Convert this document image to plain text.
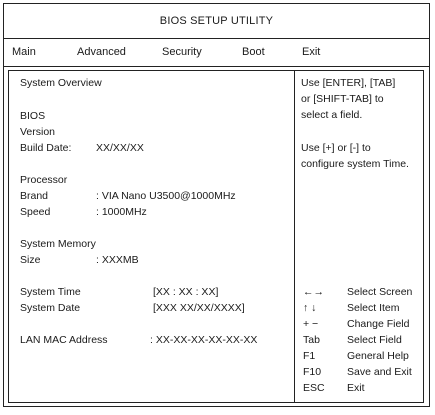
BIOS SETUP UTILITY
Main	Advanced	Security	Boot	Exit
System Overview
BIOS
Version
Build Date: XX/XX/XX
Processor
Brand	: VIA Nano U3500@1000MHz
Speed	: 1000MHz
System Memory
Size	: XXXMB
System Time	[XX : XX : XX]
System Date	[XXX XX/XX/XXXX]
LAN MAC Address	: XX-XX-XX-XX-XX-XX
Use [ENTER], [TAB]
or [SHIFT-TAB] to
select a field.
Use [+] or [-] to
configure system Time.
←→ Select Screen
↑ ↓	Select Item
+ −	Change Field
Tab	Select Field
F1	General Help
F10 Save and Exit
ESC Exit
